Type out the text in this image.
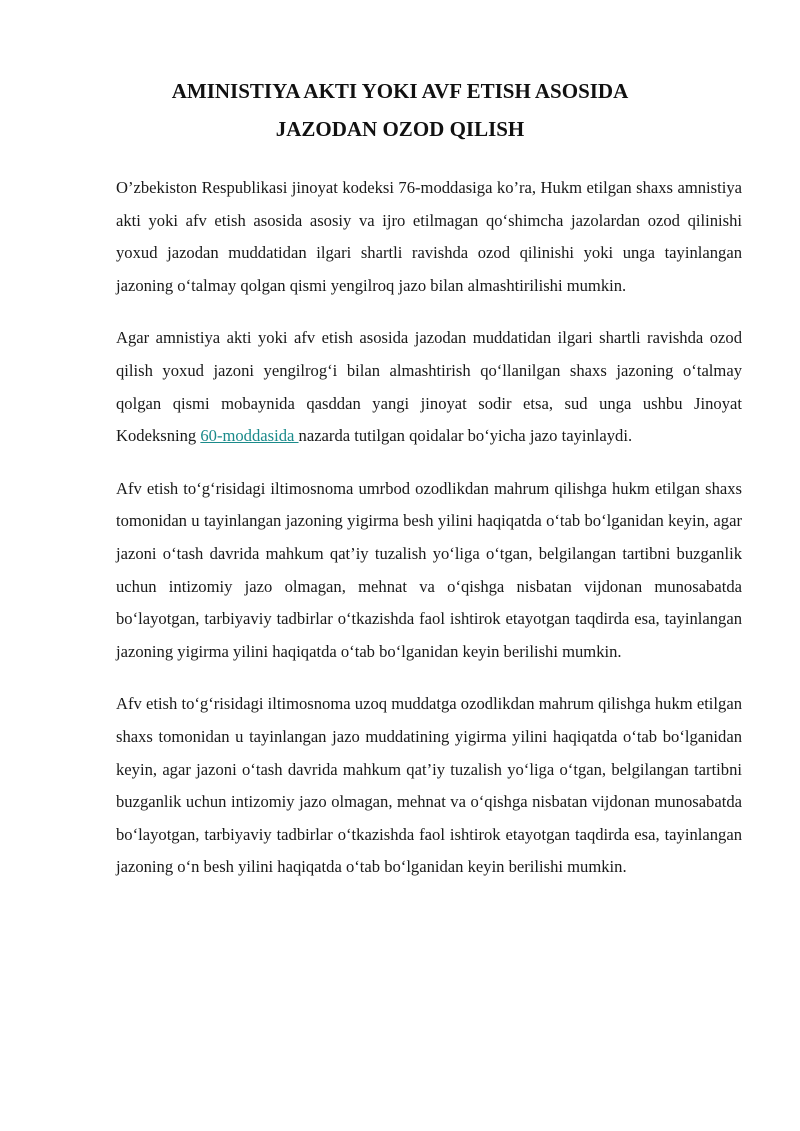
AMINISTIYA AKTI YOKI AVF ETISH ASOSIDA
JAZODAN OZOD QILISH

O’zbekiston Respublikasi jinoyat kodeksi 76-moddasiga ko’ra, Hukm etilgan shaxs amnistiya akti yoki afv etish asosida asosiy va ijro etilmagan qo‘shimcha jazolardan ozod qilinishi yoxud jazodan muddatidan ilgari shartli ravishda ozod qilinishi yoki unga tayinlangan jazoning o‘talmay qolgan qismi yengilroq jazo bilan almashtirilishi mumkin.

Agar amnistiya akti yoki afv etish asosida jazodan muddatidan ilgari shartli ravishda ozod qilish yoxud jazoni yengilrog‘i bilan almashtirish qo‘llanilgan shaxs jazoning o‘talmay qolgan qismi mobaynida qasddan yangi jinoyat sodir etsa, sud unga ushbu Jinoyat Kodeksning 60-moddasida nazarda tutilgan qoidalar bo‘yicha jazo tayinlaydi.

Afv etish to‘g‘risidagi iltimosnoma umrbod ozodlikdan mahrum qilishga hukm etilgan shaxs tomonidan u tayinlangan jazoning yigirma besh yilini haqiqatda o‘tab bo‘lganidan keyin, agar jazoni o‘tash davrida mahkum qat’iy tuzalish yo‘liga o‘tgan, belgilangan tartibni buzganlik uchun intizomiy jazo olmagan, mehnat va o‘qishga nisbatan vijdonan munosabatda bo‘layotgan, tarbiyaviy tadbirlar o‘tkazishda faol ishtirok etayotgan taqdirda esa, tayinlangan jazoning yigirma yilini haqiqatda o‘tab bo‘lganidan keyin berilishi mumkin.

Afv etish to‘g‘risidagi iltimosnoma uzoq muddatga ozodlikdan mahrum qilishga hukm etilgan shaxs tomonidan u tayinlangan jazo muddatining yigirma yilini haqiqatda o‘tab bo‘lganidan keyin, agar jazoni o‘tash davrida mahkum qat’iy tuzalish yo‘liga o‘tgan, belgilangan tartibni buzganlik uchun intizomiy jazo olmagan, mehnat va o‘qishga nisbatan vijdonan munosabatda bo‘layotgan, tarbiyaviy tadbirlar o‘tkazishda faol ishtirok etayotgan taqdirda esa, tayinlangan jazoning o‘n besh yilini haqiqatda o‘tab bo‘lganidan keyin berilishi mumkin.
